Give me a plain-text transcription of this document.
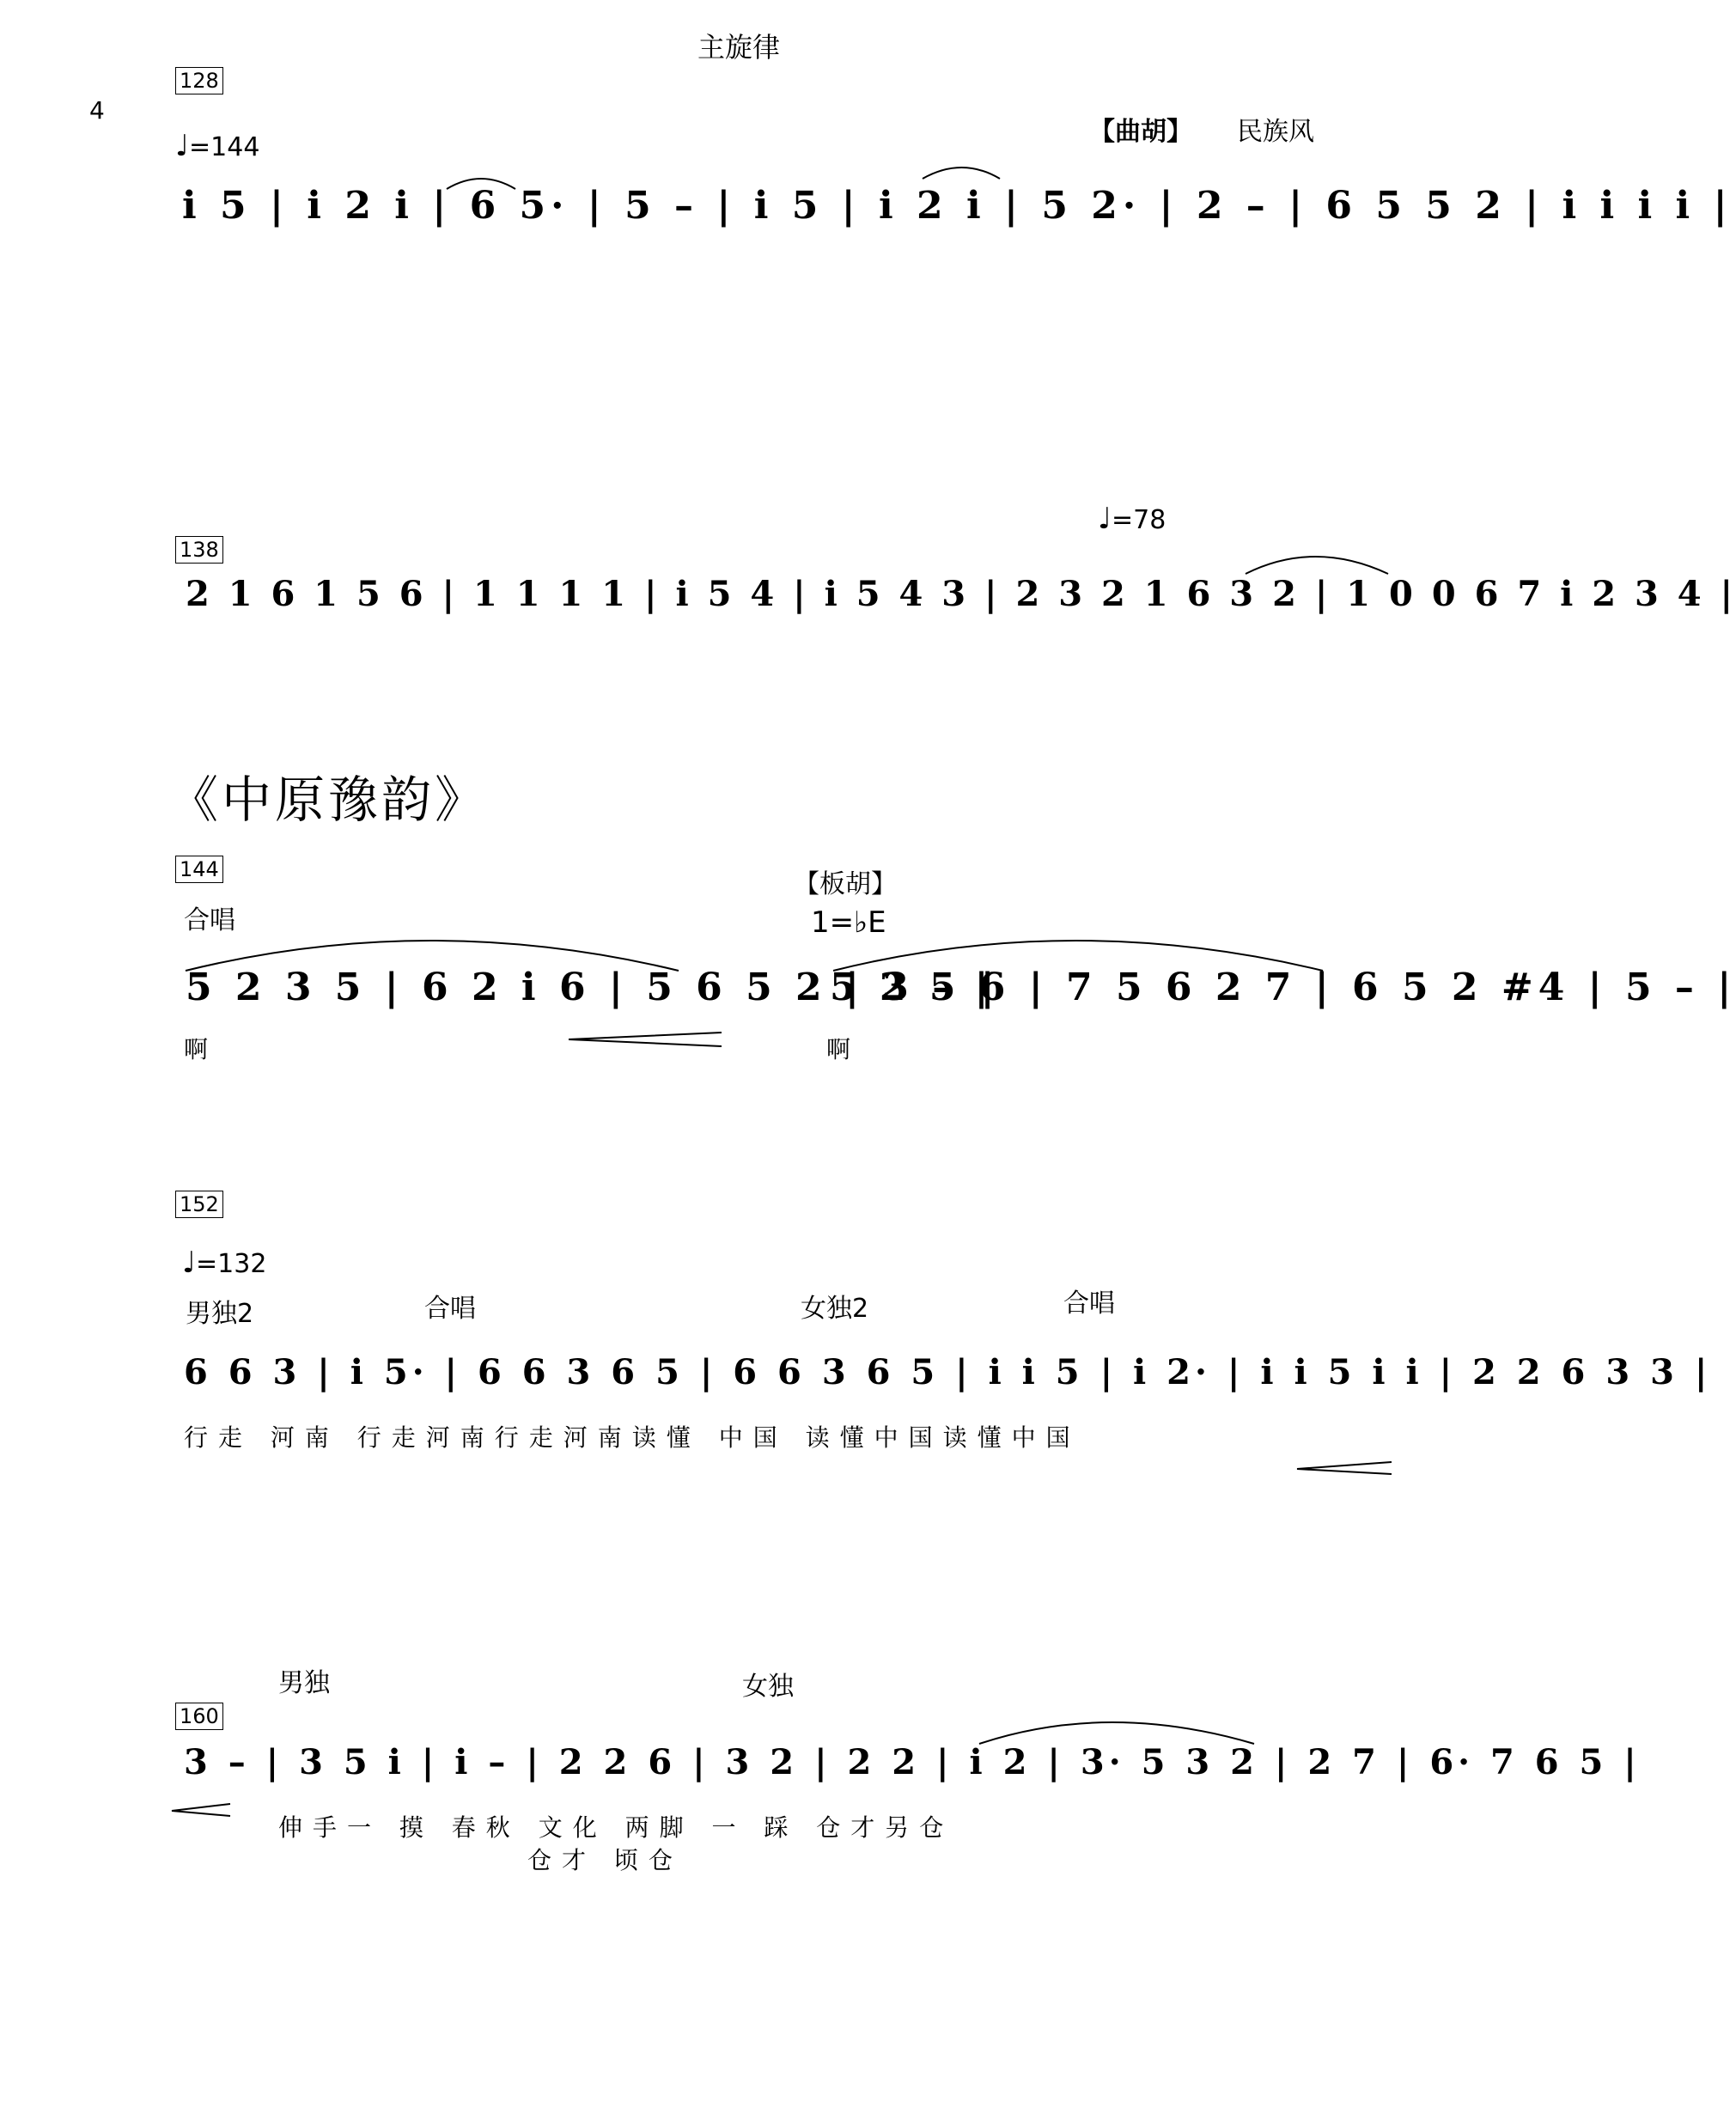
主旋律
4
128
♩=144
【曲胡】 民族风
i 5 | i 2 i | 6 5· | 5 – | i 5 | i 2 i | 5 2· | 2 – | 6 5 5 2 | i i i i |
♩=78
138
2 1 6 1 5 6 | 1 1 1 1 | i 5 4 | i 5 4 3 | 2 3 2 1 6 3 2 | 1 0 0 6 7 i 2 3 4 |
《中原豫韵》
144
合唱
【板胡】
1=♭E
5 2 3 5 | 6 2 i 6 | 5 6 5 2 | 3 – ‖
5 2 5 6 | 7 5 6 2 7 | 6 5 2 #4 | 5 – |
啊	啊
152
♩=132
男独2	合唱	女独2	合唱
6 6 3 | i 5· | 6 6 3 6 5 | 6 6 3 6 5 | i i 5 | i 2· | i i 5 i i | 2 2 6 3 3 |
行走 河南 行走河南行走河南读懂 中国 读懂中国读懂中国
男独	女独
160
3 – | 3 5 i | i – | 2 2 6 | 3 2 | 2 2 | i 2 | 3· 5 3 2 | 2 7 | 6· 7 6 5 |
伸手一 摸 春秋 文化 两脚 一 踩 仓才另仓
仓才 顷仓
